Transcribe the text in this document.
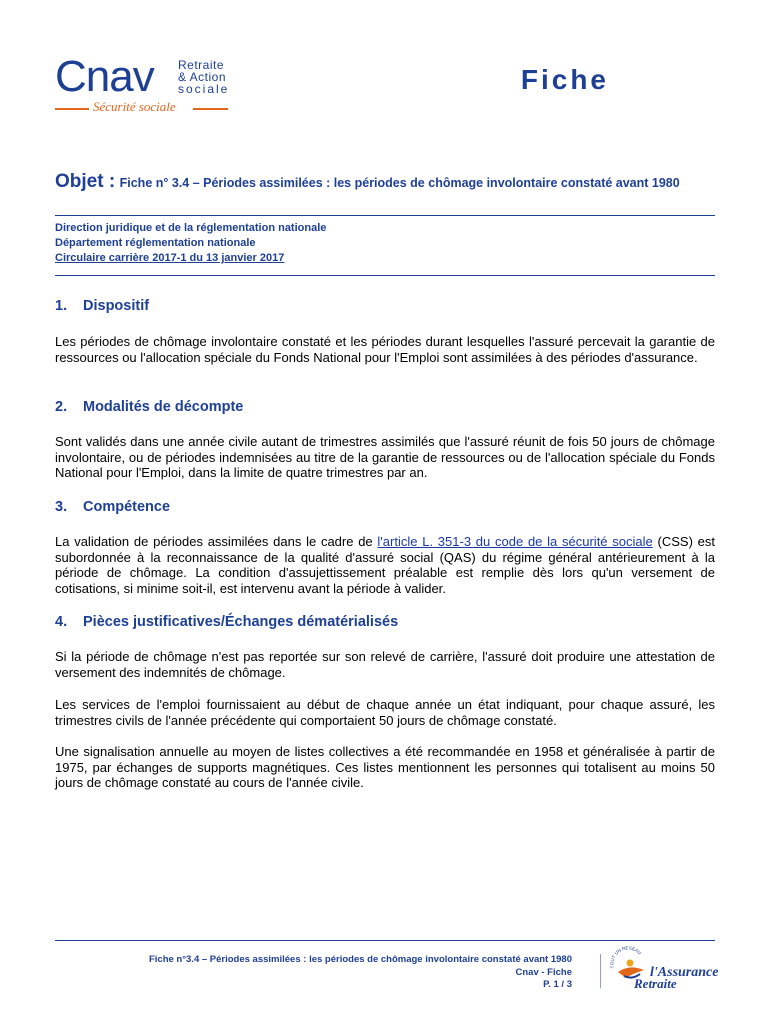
Cnav Retraite
& Action
sociale
Sécurité sociale
Fiche
Objet : Fiche n° 3.4 – Périodes assimilées : les périodes de chômage involontaire constaté avant 1980
Direction juridique et de la réglementation nationale
Département réglementation nationale
Circulaire carrière 2017-1 du 13 janvier 2017
1. Dispositif

Les périodes de chômage involontaire constaté et les périodes durant lesquelles l'assuré percevait la garantie de ressources ou l'allocation spéciale du Fonds National pour l'Emploi sont assimilées à des périodes d'assurance.

2. Modalités de décompte

Sont validés dans une année civile autant de trimestres assimilés que l'assuré réunit de fois 50 jours de chômage involontaire, ou de périodes indemnisées au titre de la garantie de ressources ou de l'allocation spéciale du Fonds National pour l'Emploi, dans la limite de quatre trimestres par an.

3. Compétence

La validation de périodes assimilées dans le cadre de l'article L. 351-3 du code de la sécurité sociale (CSS) est subordonnée à la reconnaissance de la qualité d'assuré social (QAS) du régime général antérieurement à la période de chômage. La condition d'assujettissement préalable est remplie dès lors qu'un versement de cotisations, si minime soit-il, est intervenu avant la période à valider.

4. Pièces justificatives/Échanges dématérialisés

Si la période de chômage n'est pas reportée sur son relevé de carrière, l'assuré doit produire une attestation de versement des indemnités de chômage.

Les services de l'emploi fournissaient au début de chaque année un état indiquant, pour chaque assuré, les trimestres civils de l'année précédente qui comportaient 50 jours de chômage constaté.

Une signalisation annuelle au moyen de listes collectives a été recommandée en 1958 et généralisée à partir de 1975, par échanges de supports magnétiques. Ces listes mentionnent les personnes qui totalisent au moins 50 jours de chômage constaté au cours de l'année civile.

Fiche n°3.4 – Périodes assimilées : les périodes de chômage involontaire constaté avant 1980
Cnav - Fiche
P. 1 / 3
TOUT UN RÉSEAU
l'Assurance
Retraite
